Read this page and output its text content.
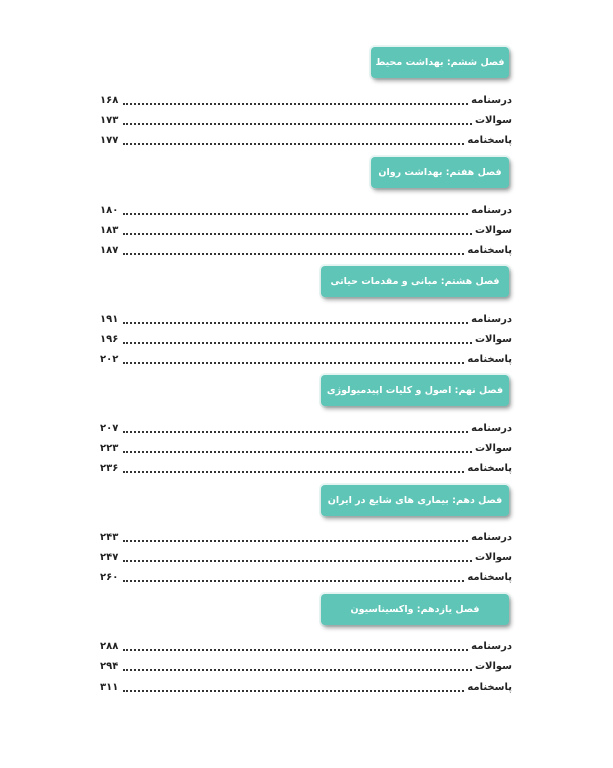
فصل ششم: بهداشت محیط
درسنامه
۱۶۸
سوالات
۱۷۳
پاسخنامه
۱۷۷
فصل هفتم: بهداشت روان
درسنامه
۱۸۰
سوالات
۱۸۳
پاسخنامه
۱۸۷
فصل هشتم: مبانی و مقدمات حیاتی
درسنامه
۱۹۱
سوالات
۱۹۶
پاسخنامه
۲۰۲
فصل نهم: اصول و کلیات اپیدمیولوژی
درسنامه
۲۰۷
سوالات
۲۲۳
پاسخنامه
۲۳۶
فصل دهم: بیماری های شایع در ایران
درسنامه
۲۴۳
سوالات
۲۴۷
پاسخنامه
۲۶۰
فصل یازدهم: واکسیناسیون
درسنامه
۲۸۸
سوالات
۲۹۴
پاسخنامه
۳۱۱
